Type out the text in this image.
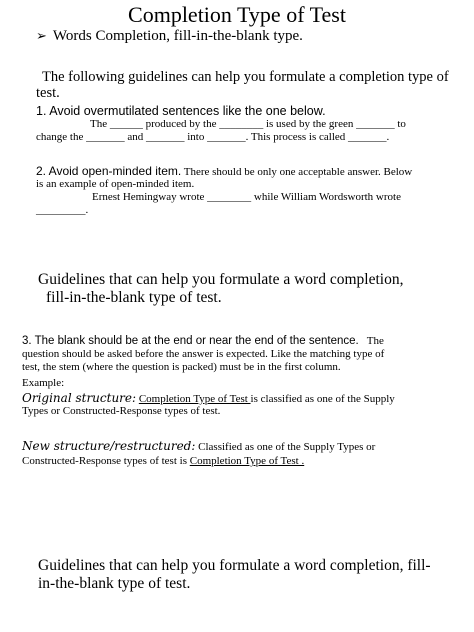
Completion Type of Test
➢ Words Completion, fill-in-the-blank type.
The following guidelines can help you formulate a completion type of
test.
1. Avoid overmutilated sentences like the one below.
The ______ produced by the ________ is used by the green _______ to
change the _______ and _______ into _______. This process is called _______.
2. Avoid open-minded item. There should be only one acceptable answer. Below
is an example of open-minded item.
Ernest Hemingway wrote ________ while William Wordsworth wrote
_________.
Guidelines that can help you formulate a word completion,
fill-in-the-blank type of test.
3. The blank should be at the end or near the end of the sentence.   The
question should be asked before the answer is expected. Like the matching type of
test, the stem (where the question is packed) must be in the first column.
Example:
Original structure: Completion Type of Test is classified as one of the Supply
Types or Constructed-Response types of test.
New structure/restructured: Classified as one of the Supply Types or
Constructed-Response types of test is Completion Type of Test .
Guidelines that can help you formulate a word completion, fill-
in-the-blank type of test.
